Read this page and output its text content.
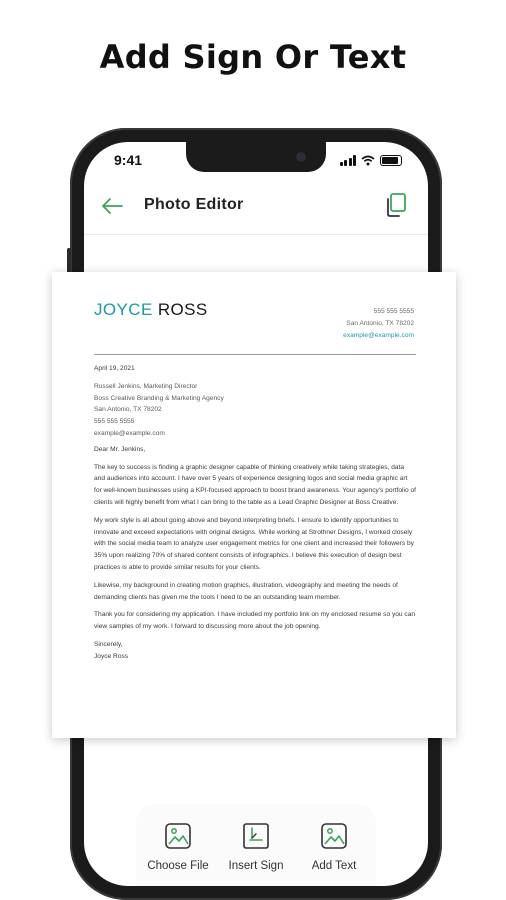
Add Sign Or Text
9:41
Photo Editor
Choose File Insert Sign Add Text
JOYCE ROSS	555 555 5555
San Antonio, TX 78202
example@example.com

April 19, 2021

Russell Jenkins, Marketing Director
Boss Creative Branding & Marketing Agency
San Antonio, TX 78202
555 555 5555
example@example.com

Dear Mr. Jenkins,

The key to success is finding a graphic designer capable of thinking creatively while taking strategies, data and audiences into account. I have over 5 years of experience designing logos and social media graphic art for well-known businesses using a KPI-focused approach to boost brand awareness. Your agency's portfolio of clients will highly benefit from what I can bring to the table as a Lead Graphic Designer at Boss Creative.

My work style is all about going above and beyond interpreting briefs. I ensure to identify opportunities to innovate and exceed expectations with original designs. While working at Strothner Designs, I worked closely with the social media team to analyze user engagement metrics for one client and increased their followers by 35% upon realizing 70% of shared content consists of infographics. I believe this execution of design best practices is able to provide similar results for your clients.

Likewise, my background in creating motion graphics, illustration, videography and meeting the needs of demanding clients has given me the tools I need to be an outstanding team member.

Thank you for considering my application. I have included my portfolio link on my enclosed resume so you can view samples of my work. I forward to discussing more about the job opening.

Sincerely,
Joyce Ross
